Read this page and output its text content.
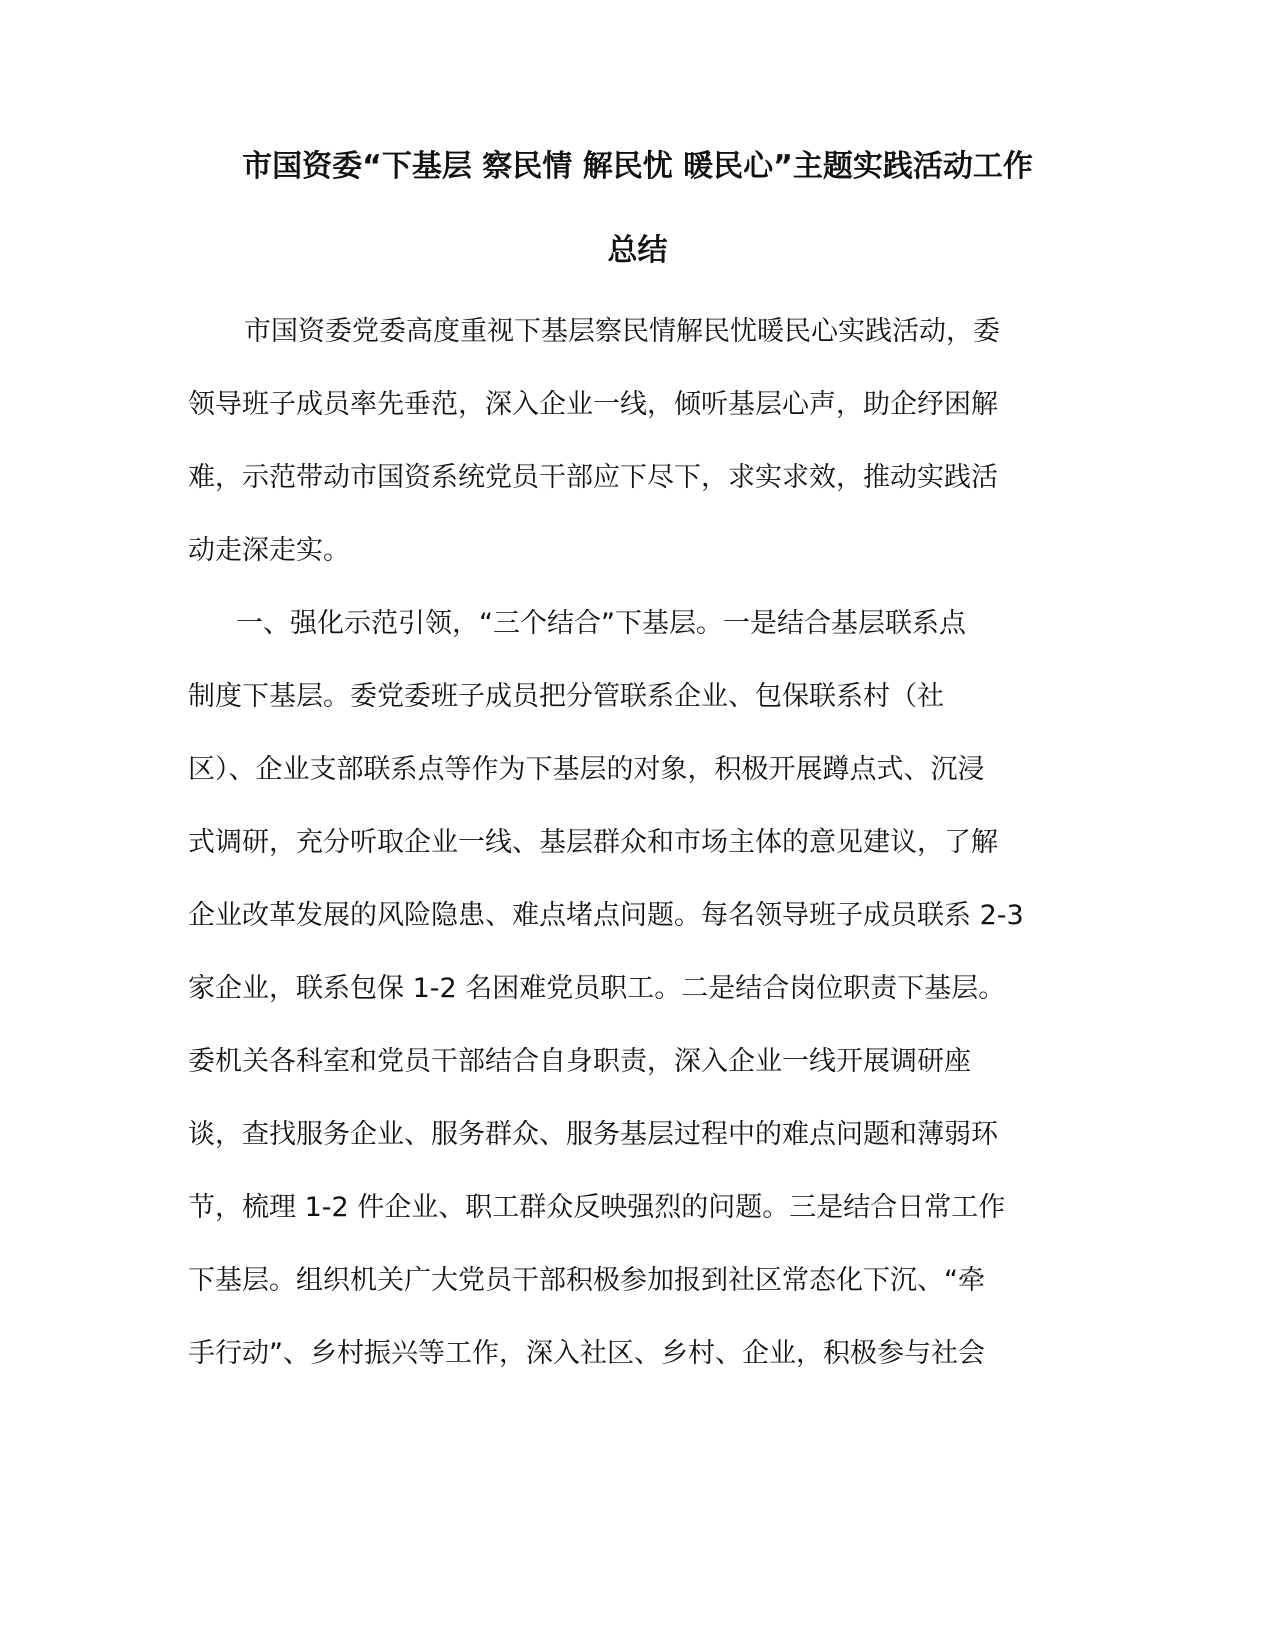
市国资委“下基层 察民情 解民忧 暖民心”主题实践活动工作
总结
市国资委党委高度重视下基层察民情解民忧暖民心实践活动，委
领导班子成员率先垂范，深入企业一线，倾听基层心声，助企纾困解
难，示范带动市国资系统党员干部应下尽下，求实求效，推动实践活
动走深走实。
一、强化示范引领，“三个结合”下基层。一是结合基层联系点
制度下基层。委党委班子成员把分管联系企业、包保联系村（社
区）、企业支部联系点等作为下基层的对象，积极开展蹲点式、沉浸
式调研，充分听取企业一线、基层群众和市场主体的意见建议，了解
企业改革发展的风险隐患、难点堵点问题。每名领导班子成员联系 2-3
家企业，联系包保 1-2 名困难党员职工。二是结合岗位职责下基层。
委机关各科室和党员干部结合自身职责，深入企业一线开展调研座
谈，查找服务企业、服务群众、服务基层过程中的难点问题和薄弱环
节，梳理 1-2 件企业、职工群众反映强烈的问题。三是结合日常工作
下基层。组织机关广大党员干部积极参加报到社区常态化下沉、“牵
手行动”、乡村振兴等工作，深入社区、乡村、企业，积极参与社会
